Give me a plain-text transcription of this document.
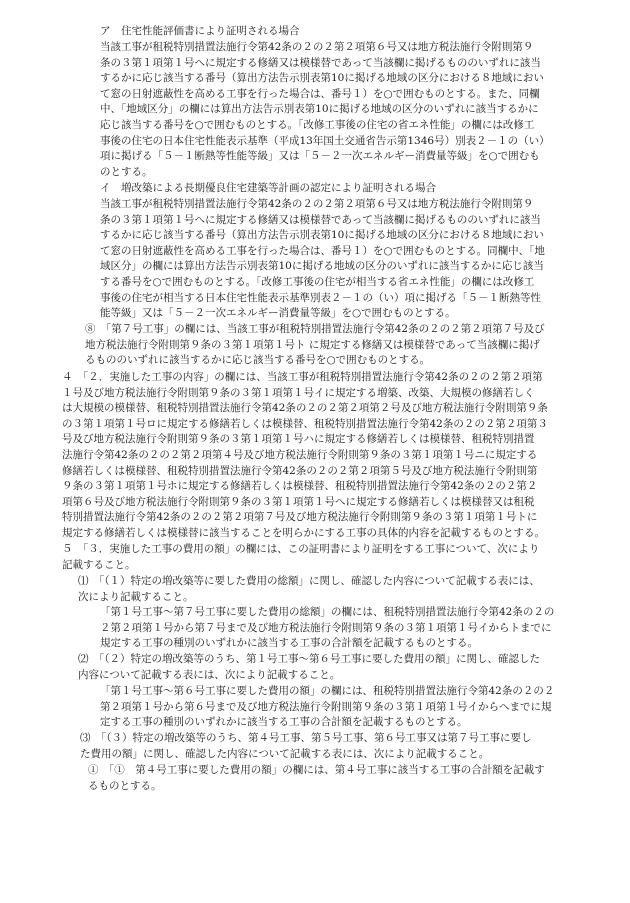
ア　住宅性能評価書により証明される場合

当該工事が租税特別措置法施行令第42条の２の２第２項第６号又は地方税法施行令附則第９
条の３第１項第１号へに規定する修繕又は模様替であって当該欄に掲げるもののいずれに該当
するかに応じ該当する番号（算出方法告示別表第10に掲げる地域の区分における８地域におい
て窓の日射遮蔽性を高める工事を行った場合は、番号１）を○で囲むものとする。また、同欄
中、「地域区分」の欄には算出方法告示別表第10に掲げる地域の区分のいずれに該当するかに
応じ該当する番号を○で囲むものとする。「改修工事後の住宅の省エネ性能」の欄には改修工
事後の住宅の日本住宅性能表示基準（平成13年国土交通省告示第1346号）別表２－１の（い）
項に掲げる「５－１断熱等性能等級」又は「５－２一次エネルギー消費量等級」を○で囲むも
のとする。

イ　増改築による長期優良住宅建築等計画の認定により証明される場合

当該工事が租税特別措置法施行令第42条の２の２第２項第６号又は地方税法施行令附則第９
条の３第１項第１号へに規定する修繕又は模様替であって当該欄に掲げるもののいずれに該当
するかに応じ該当する番号（算出方法告示別表第10に掲げる地域の区分における８地域におい
て窓の日射遮蔽性を高める工事を行った場合は、番号１）を○で囲むものとする。同欄中、「地
域区分」の欄には算出方法告示別表第10に掲げる地域の区分のいずれに該当するかに応じ該当
する番号を○で囲むものとする。「改修工事後の住宅が相当する省エネ性能」の欄には改修工
事後の住宅が相当する日本住宅性能表示基準別表２－１の（い）項に掲げる「５－１断熱等性
能等級」又は「５－２一次エネルギー消費量等級」を○で囲むものとする。

⑧　「第７号工事」の欄には、当該工事が租税特別措置法施行令第42条の２の２第２項第７号及び
地方税法施行令附則第９条の３第１項第１号ト に規定する修繕又は模様替であって当該欄に掲げ
るもののいずれに該当するかに応じ該当する番号を○で囲むものとする。

４　「２．実施した工事の内容」の欄には、当該工事が租税特別措置法施行令第42条の２の２第２項第
１号及び地方税法施行令附則第９条の３第１項第１号イに規定する増築、改築、大規模の修繕若しく
は大規模の模様替、租税特別措置法施行令第42条の２の２第２項第２号及び地方税法施行令附則第９条
の３第１項第１号ロに規定する修繕若しくは模様替、租税特別措置法施行令第42条の２の２第２項第３
号及び地方税法施行令附則第９条の３第１項第１号ハに規定する修繕若しくは模様替、租税特別措置
法施行令第42条の２の２第２項第４号及び地方税法施行令附則第９条の３第１項第１号ニに規定する
修繕若しくは模様替、租税特別措置法施行令第42条の２の２第２項第５号及び地方税法施行令附則第
９条の３第１項第１号ホに規定する修繕若しくは模様替、租税特別措置法施行令第42条の２の２第２
項第６号及び地方税法施行令附則第９条の３第１項第１号へに規定する修繕若しくは模様替又は租税
特別措置法施行令第42条の２の２第２項第７号及び地方税法施行令附則第９条の３第１項第１号トに
規定する修繕若しくは模様替に該当することを明らかにする工事の具体的内容を記載するものとする。

５　「３．実施した工事の費用の額」の欄には、この証明書により証明をする工事について、次により
記載すること。

⑴　「（１）特定の増改築等に要した費用の総額」に関し、確認した内容について記載する表には、
次により記載すること。

「第１号工事～第７号工事に要した費用の総額」の欄には、租税特別措置法施行令第42条の２の
２第２項第１号から第７号まで及び地方税法施行令附則第９条の３第１項第１号イからトまでに
規定する工事の種別のいずれかに該当する工事の合計額を記載するものとする。

⑵　「（２）特定の増改築等のうち、第１号工事～第６号工事に要した費用の額」に関し、確認した
内容について記載する表には、次により記載すること。

「第１号工事～第６号工事に要した費用の額」の欄には、租税特別措置法施行令第42条の２の２
第２項第１号から第６号まで及び地方税法施行令附則第９条の３第１項第１号イからへまでに規
定する工事の種別のいずれかに該当する工事の合計額を記載するものとする。

⑶　「（３）特定の増改築等のうち、第４号工事、第５号工事、第６号工事又は第７号工事に要し
た費用の額」に関し、確認した内容について記載する表には、次により記載すること。

①　「①　第４号工事に要した費用の額」の欄には、第４号工事に該当する工事の合計額を記載す
るものとする。
